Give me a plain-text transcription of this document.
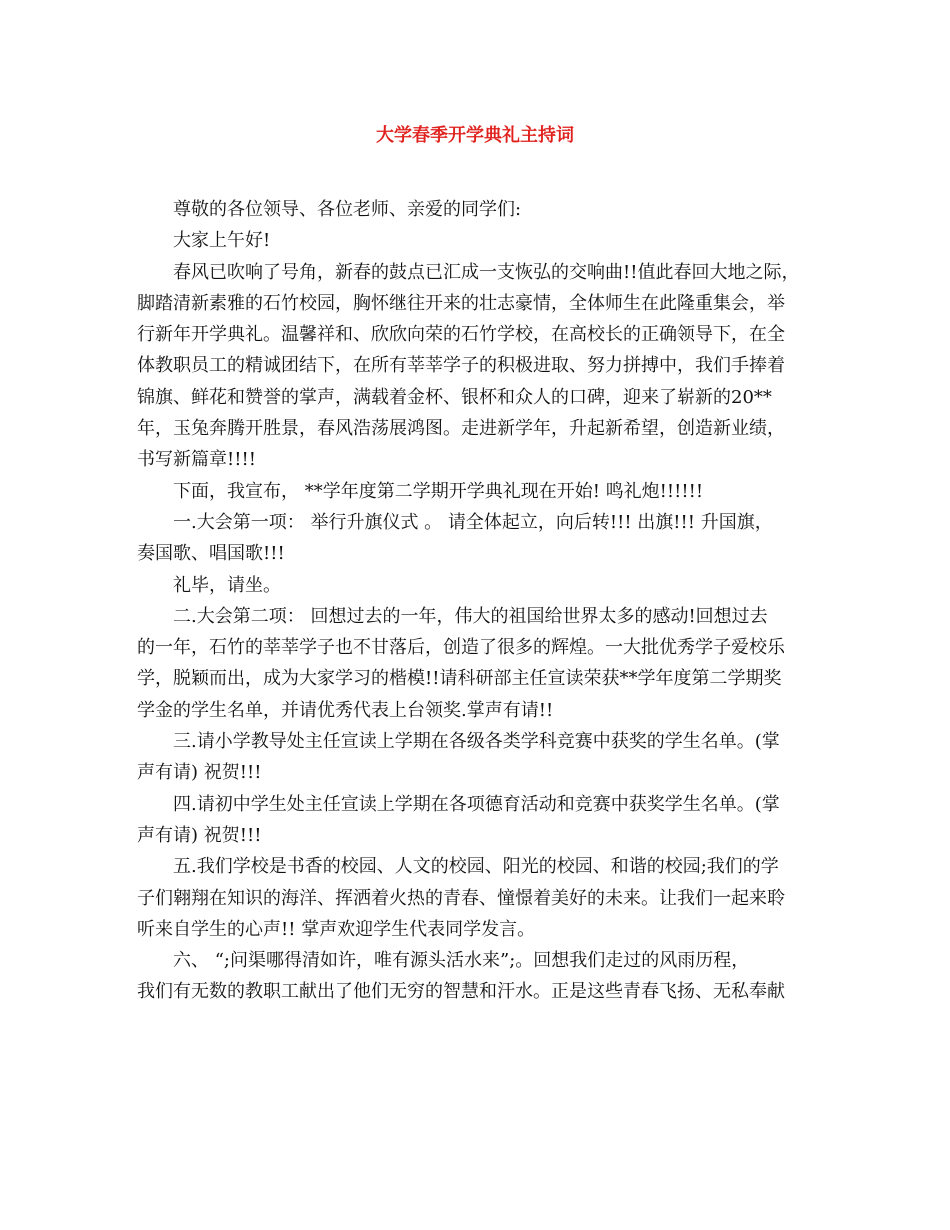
大学春季开学典礼主持词

尊敬的各位领导、各位老师、亲爱的同学们:

大家上午好!

春风已吹响了号角，新春的鼓点已汇成一支恢弘的交响曲!!值此春回大地之际，
脚踏清新素雅的石竹校园，胸怀继往开来的壮志豪情，全体师生在此隆重集会，举
行新年开学典礼。温馨祥和、欣欣向荣的石竹学校，在高校长的正确领导下，在全
体教职员工的精诚团结下，在所有莘莘学子的积极进取、努力拼搏中，我们手捧着
锦旗、鲜花和赞誉的掌声，满载着金杯、银杯和众人的口碑，迎来了崭新的20**
年，玉兔奔腾开胜景，春风浩荡展鸿图。走进新学年，升起新希望，创造新业绩，
书写新篇章!!!!

下面，我宣布， **学年度第二学期开学典礼现在开始! 鸣礼炮!!!!!!

一.大会第一项： 举行升旗仪式 。 请全体起立，向后转!!! 出旗!!! 升国旗，
奏国歌、唱国歌!!!

礼毕，请坐。

二.大会第二项： 回想过去的一年，伟大的祖国给世界太多的感动!回想过去
的一年，石竹的莘莘学子也不甘落后，创造了很多的辉煌。一大批优秀学子爱校乐
学，脱颖而出，成为大家学习的楷模!!请科研部主任宣读荣获**学年度第二学期奖
学金的学生名单，并请优秀代表上台领奖.掌声有请!!

三.请小学教导处主任宣读上学期在各级各类学科竞赛中获奖的学生名单。(掌
声有请) 祝贺!!!

四.请初中学生处主任宣读上学期在各项德育活动和竞赛中获奖学生名单。(掌
声有请) 祝贺!!!

五.我们学校是书香的校园、人文的校园、阳光的校园、和谐的校园;我们的学
子们翱翔在知识的海洋、挥洒着火热的青春、憧憬着美好的未来。让我们一起来聆
听来自学生的心声!! 掌声欢迎学生代表同学发言。

六、 “;问渠哪得清如许，唯有源头活水来”;。回想我们走过的风雨历程，
我们有无数的教职工献出了他们无穷的智慧和汗水。正是这些青春飞扬、无私奉献
